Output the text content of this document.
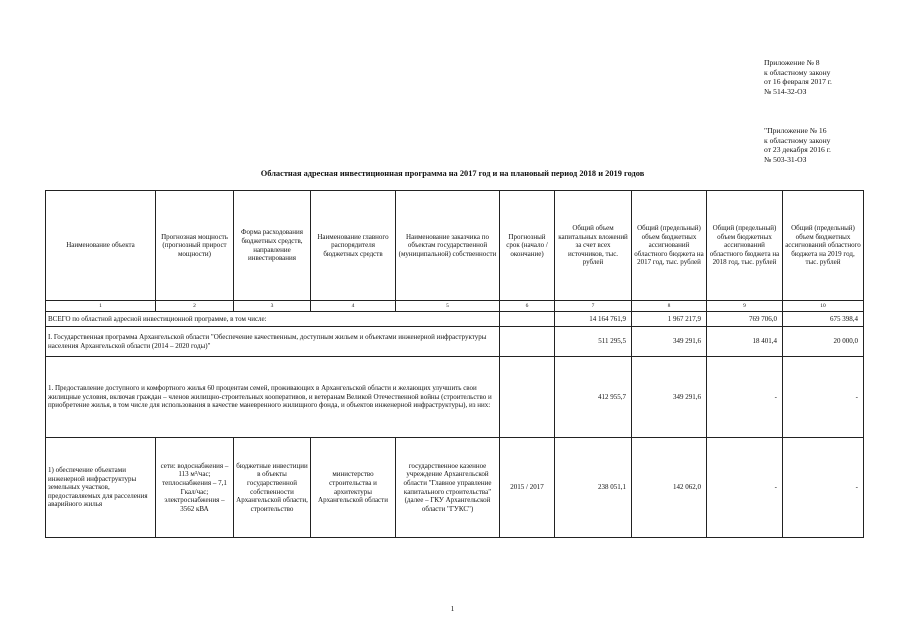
Приложение № 8
к областному закону
от 16 февраля 2017 г.
№ 514-32-ОЗ
"Приложение № 16
к областному закону
от 23 декабря 2016 г.
№ 503-31-ОЗ
Областная адресная инвестиционная программа на 2017 год и на плановый период 2018 и 2019 годов
Наименование объекта	Прогнозная мощность (прогнозный прирост мощности)	Форма расходования бюджетных средств, направление инвестирования	Наименование главного распорядителя бюджетных средств	Наименование заказчика по объектам государственной (муниципальной) собственности	Прогнозный срок (начало / окончание)	Общий объем капитальных вложений за счет всех источников, тыс. рублей	Общий (предельный) объем бюджетных ассигнований областного бюджета на 2017 год, тыс. рублей	Общий (предельный) объем бюджетных ассигнований областного бюджета на 2018 год, тыс. рублей	Общий (предельный) объем бюджетных ассигнований областного бюджета на 2019 год, тыс. рублей
1	2	3	4	5	6	7	8	9	10
ВСЕГО по областной адресной инвестиционной программе, в том числе:						14 164 761,9	1 967 217,9	769 706,0	675 398,4
I. Государственная программа Архангельской области "Обеспечение качественным, доступным жильем и объектами инженерной инфраструктуры населения Архангельской области (2014 – 2020 годы)"						511 295,5	349 291,6	18 401,4	20 000,0
1. Предоставление доступного и комфортного жилья 60 процентам семей, проживающих в Архангельской области и желающих улучшить свои жилищные условия, включая граждан – членов жилищно-строительных кооперативов, и ветеранам Великой Отечественной войны (строительство и приобретение жилья, в том числе для использования в качестве маневренного жилищного фонда, и объектов инженерной инфраструктуры), из них:						412 955,7	349 291,6	-	-
1) обеспечение объектами инженерной инфраструктуры земельных участков, предоставляемых для расселения аварийного жилья	сети: водоснабжения – 113 м³/час; теплоснабжения – 7,1 Гкал/час; электроснабжения – 3562 кВА	бюджетные инвестиции в объекты государственной собственности Архангельской области, строительство	министерство строительства и архитектуры Архангельской области	государственное казенное учреждение Архангельской области "Главное управление капитального строительства" (далее – ГКУ Архангельской области "ГУКС")	2015 / 2017	238 051,1	142 062,0	-	-
1
